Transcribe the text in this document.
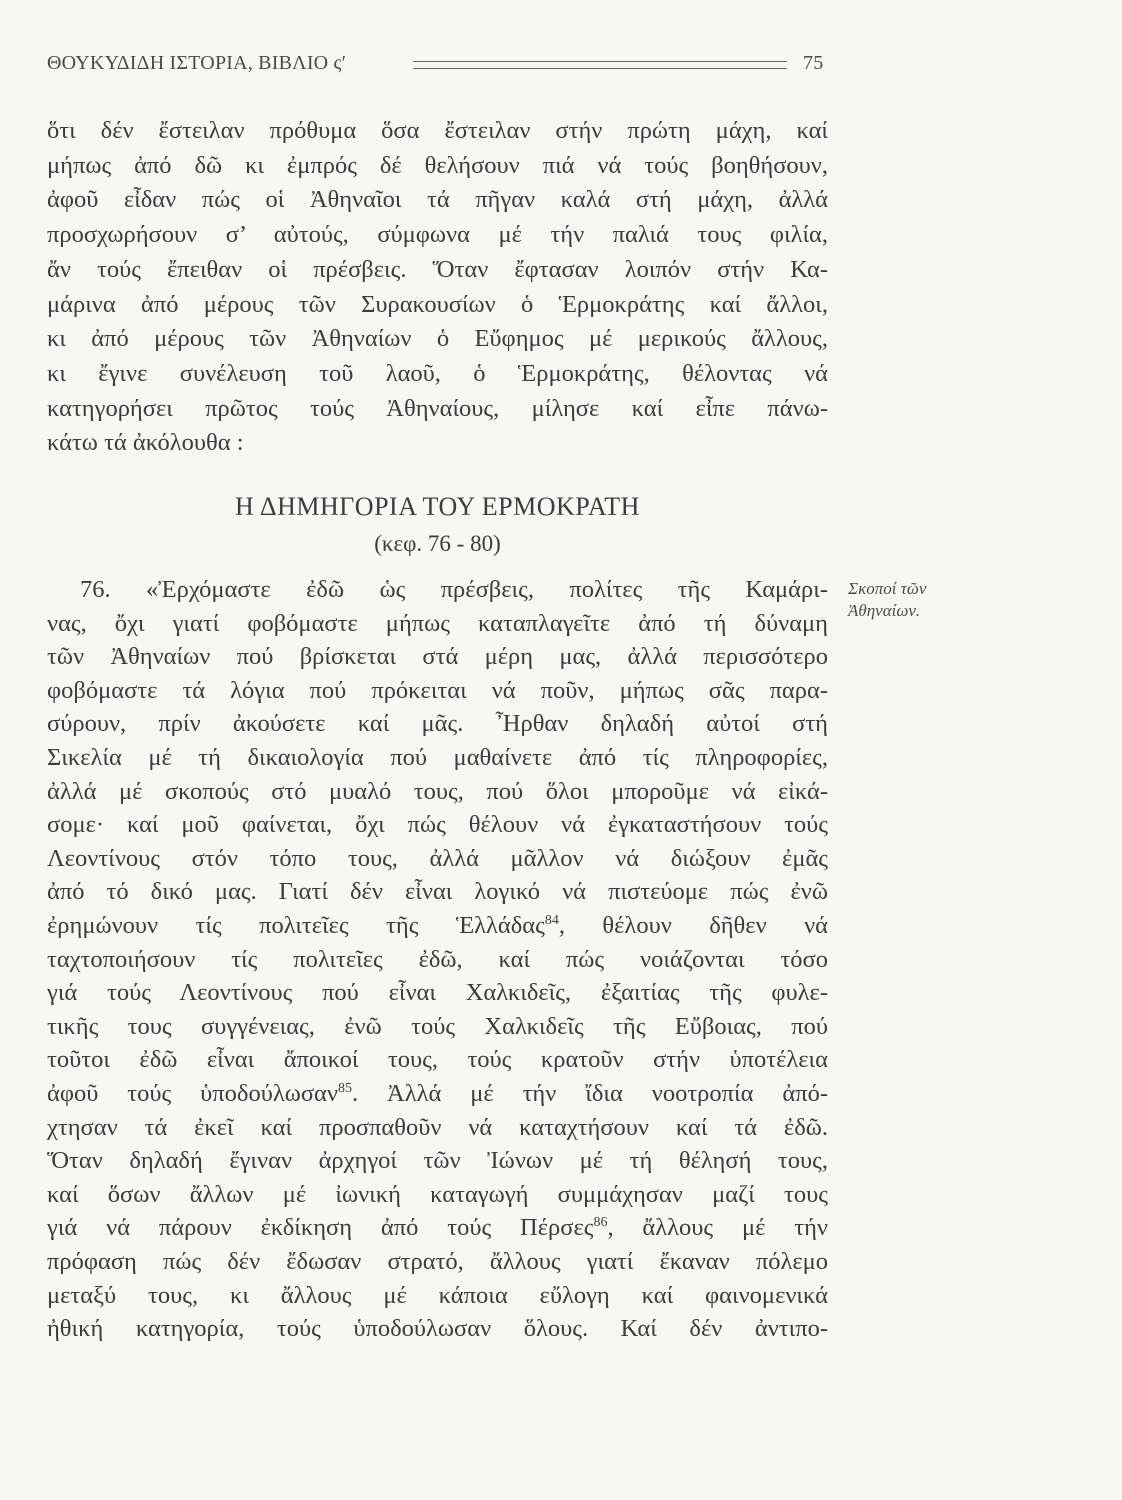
ΘΟΥΚΥΔΙΔΗ ΙΣΤΟΡΙΑ, ΒΙΒΛΙΟ ς′	75
ὅτι δέν ἔστειλαν πρόθυμα ὅσα ἔστειλαν στήν πρώτη μάχη, καί
μήπως ἀπό δῶ κι ἐμπρός δέ θελήσουν πιά νά τούς βοηθήσουν,
ἀφοῦ εἶδαν πώς οἱ Ἀθηναῖοι τά πῆγαν καλά στή μάχη, ἀλλά
προσχωρήσουν σ’ αὐτούς, σύμφωνα μέ τήν παλιά τους φιλία,
ἄν τούς ἔπειθαν οἱ πρέσβεις. Ὅταν ἔφτασαν λοιπόν στήν Κα-
μάρινα ἀπό μέρους τῶν Συρακουσίων ὁ Ἑρμοκράτης καί ἄλλοι,
κι ἀπό μέρους τῶν Ἀθηναίων ὁ Εὔφημος μέ μερικούς ἄλλους,
κι ἔγινε συνέλευση τοῦ λαοῦ, ὁ Ἑρμοκράτης, θέλοντας νά
κατηγορήσει πρῶτος τούς Ἀθηναίους, μίλησε καί εἶπε πάνω-
κάτω τά ἀκόλουθα :
Η ΔΗΜΗΓΟΡΙΑ ΤΟΥ ΕΡΜΟΚΡΑΤΗ
(κεφ. 76 - 80)
Σκοποί τῶν
Ἀθηναίων.
76. «Ἐρχόμαστε ἐδῶ ὡς πρέσβεις, πολίτες τῆς Καμάρι-
νας, ὄχι γιατί φοβόμαστε μήπως καταπλαγεῖτε ἀπό τή δύναμη
τῶν Ἀθηναίων πού βρίσκεται στά μέρη μας, ἀλλά περισσότερο
φοβόμαστε τά λόγια πού πρόκειται νά ποῦν, μήπως σᾶς παρα-
σύρουν, πρίν ἀκούσετε καί μᾶς. Ἦρθαν δηλαδή αὐτοί στή
Σικελία μέ τή δικαιολογία πού μαθαίνετε ἀπό τίς πληροφορίες,
ἀλλά μέ σκοπούς στό μυαλό τους, πού ὅλοι μποροῦμε νά εἰκά-
σομε· καί μοῦ φαίνεται, ὄχι πώς θέλουν νά ἐγκαταστήσουν τούς
Λεοντίνους στόν τόπο τους, ἀλλά μᾶλλον νά διώξουν ἐμᾶς
ἀπό τό δικό μας. Γιατί δέν εἶναι λογικό νά πιστεύομε πώς ἐνῶ
ἐρημώνουν τίς πολιτεῖες τῆς Ἑλλάδας$^{84}$, θέλουν δῆθεν νά
ταχτοποιήσουν τίς πολιτεῖες ἐδῶ, καί πώς νοιάζονται τόσο
γιά τούς Λεοντίνους πού εἶναι Χαλκιδεῖς, ἐξαιτίας τῆς φυλε-
τικῆς τους συγγένειας, ἐνῶ τούς Χαλκιδεῖς τῆς Εὔβοιας, πού
τοῦτοι ἐδῶ εἶναι ἄποικοί τους, τούς κρατοῦν στήν ὑποτέλεια
ἀφοῦ τούς ὑποδούλωσαν$^{85}$. Ἀλλά μέ τήν ἴδια νοοτροπία ἀπό-
χτησαν τά ἐκεῖ καί προσπαθοῦν νά καταχτήσουν καί τά ἐδῶ.
Ὅταν δηλαδή ἔγιναν ἀρχηγοί τῶν Ἰώνων μέ τή θέλησή τους,
καί ὅσων ἄλλων μέ ἰωνική καταγωγή συμμάχησαν μαζί τους
γιά νά πάρουν ἐκδίκηση ἀπό τούς Πέρσες$^{86}$, ἄλλους μέ τήν
πρόφαση πώς δέν ἔδωσαν στρατό, ἄλλους γιατί ἔκαναν πόλεμο
μεταξύ τους, κι ἄλλους μέ κάποια εὔλογη καί φαινομενικά
ἠθική κατηγορία, τούς ὑποδούλωσαν ὅλους. Καί δέν ἀντιπο-
